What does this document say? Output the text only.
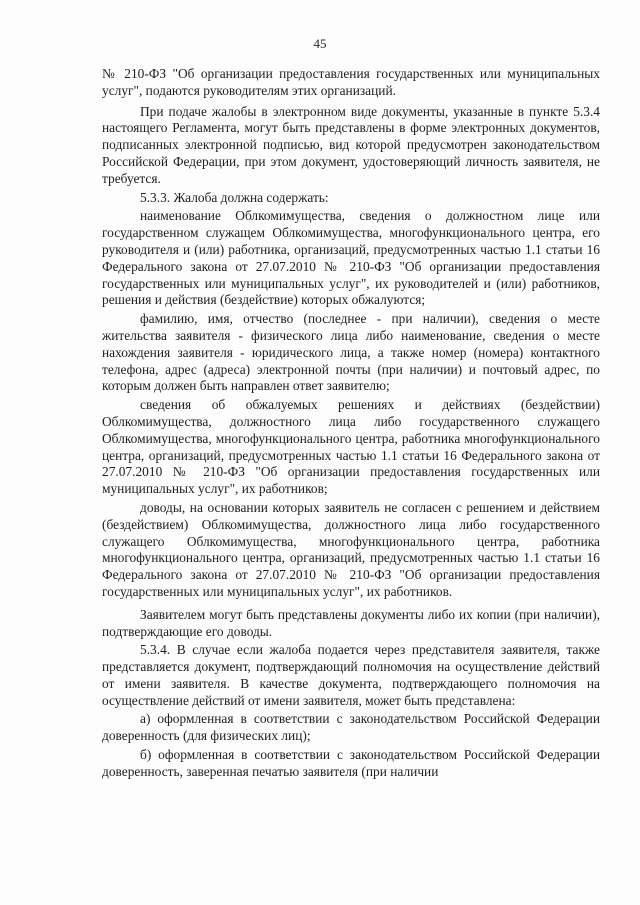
45

№ 210-ФЗ "Об организации предоставления государственных или муниципальных услуг", подаются руководителям этих организаций.

При подаче жалобы в электронном виде документы, указанные в пункте 5.3.4 настоящего Регламента, могут быть представлены в форме электронных документов, подписанных электронной подписью, вид которой предусмотрен законодательством Российской Федерации, при этом документ, удостоверяющий личность заявителя, не требуется.

5.3.3. Жалоба должна содержать:

наименование Облкомимущества, сведения о должностном лице или государственном служащем Облкомимущества, многофункционального центра, его руководителя и (или) работника, организаций, предусмотренных частью 1.1 статьи 16 Федерального закона от 27.07.2010 № 210-ФЗ "Об организации предоставления государственных или муниципальных услуг", их руководителей и (или) работников, решения и действия (бездействие) которых обжалуются;

фамилию, имя, отчество (последнее - при наличии), сведения о месте жительства заявителя - физического лица либо наименование, сведения о месте нахождения заявителя - юридического лица, а также номер (номера) контактного телефона, адрес (адреса) электронной почты (при наличии) и почтовый адрес, по которым должен быть направлен ответ заявителю;

сведения об обжалуемых решениях и действиях (бездействии) Облкомимущества, должностного лица либо государственного служащего Облкомимущества, многофункционального центра, работника многофункционального центра, организаций, предусмотренных частью 1.1 статьи 16 Федерального закона от 27.07.2010 № 210-ФЗ "Об организации предоставления государственных или муниципальных услуг", их работников;

доводы, на основании которых заявитель не согласен с решением и действием (бездействием) Облкомимущества, должностного лица либо государственного служащего Облкомимущества, многофункционального центра, работника многофункционального центра, организаций, предусмотренных частью 1.1 статьи 16 Федерального закона от 27.07.2010 № 210-ФЗ "Об организации предоставления государственных или муниципальных услуг", их работников.

Заявителем могут быть представлены документы либо их копии (при наличии), подтверждающие его доводы.

5.3.4. В случае если жалоба подается через представителя заявителя, также представляется документ, подтверждающий полномочия на осуществление действий от имени заявителя. В качестве документа, подтверждающего полномочия на осуществление действий от имени заявителя, может быть представлена:

а) оформленная в соответствии с законодательством Российской Федерации доверенность (для физических лиц);

б) оформленная в соответствии с законодательством Российской Федерации доверенность, заверенная печатью заявителя (при наличии
